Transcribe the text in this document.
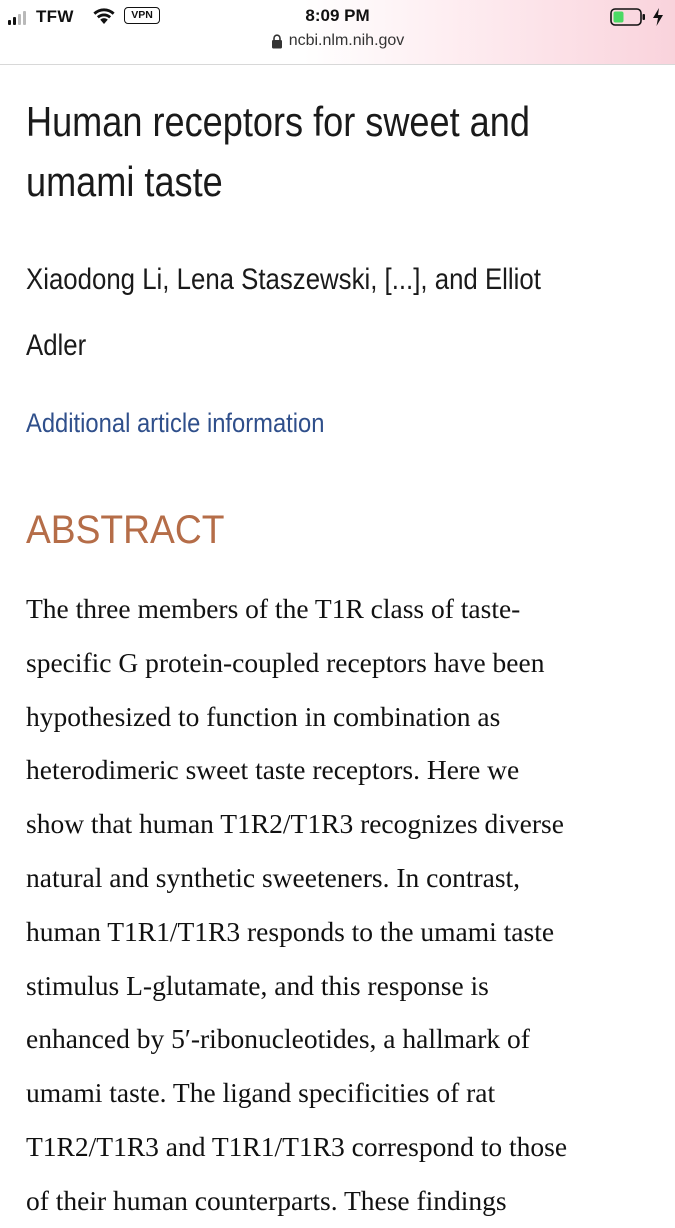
TFW	VPN	8:09 PM
ncbi.nlm.nih.gov
Human receptors for sweet and
umami taste
Xiaodong Li, Lena Staszewski, [...], and Elliot
Adler
Additional article information
ABSTRACT

The three members of the T1R class of taste-
specific G protein-coupled receptors have been
hypothesized to function in combination as
heterodimeric sweet taste receptors. Here we
show that human T1R2/T1R3 recognizes diverse
natural and synthetic sweeteners. In contrast,
human T1R1/T1R3 responds to the umami taste
stimulus L-glutamate, and this response is
enhanced by 5′-ribonucleotides, a hallmark of
umami taste. The ligand specificities of rat
T1R2/T1R3 and T1R1/T1R3 correspond to those
of their human counterparts. These findings
